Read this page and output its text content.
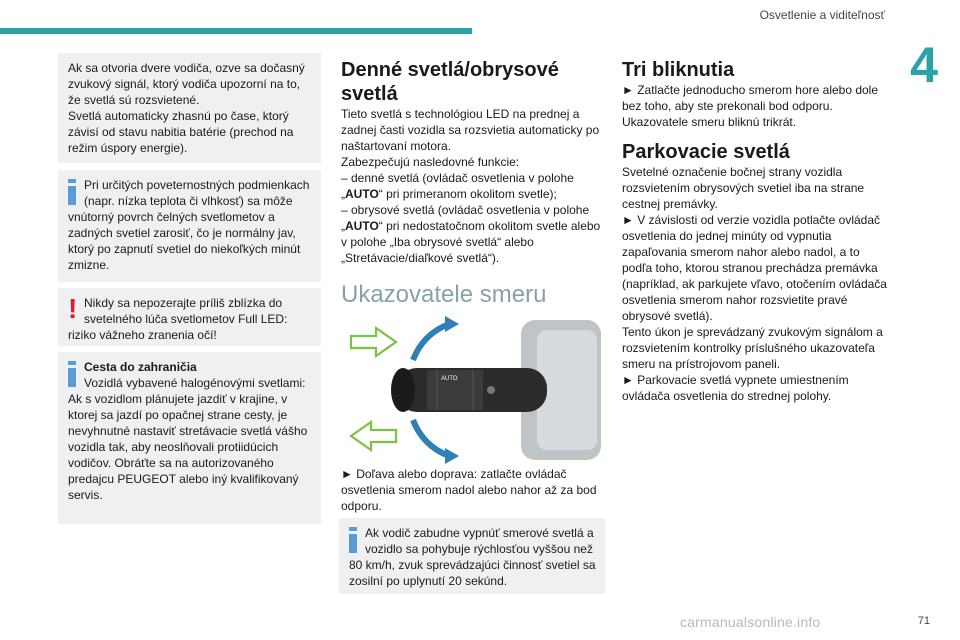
Osvetlenie a viditeľnosť
4

Ak sa otvoria dvere vodiča, ozve sa dočasný zvukový signál, ktorý vodiča upozorní na to, že svetlá sú rozsvietené.

Svetlá automaticky zhasnú po čase, ktorý závisí od stavu nabitia batérie (prechod na režim úspory energie).

Pri určitých poveternostných podmienkach (napr. nízka teplota či vlhkosť) sa môže vnútorný povrch čelných svetlometov a zadných svetiel zarosiť, čo je normálny jav, ktorý po zapnutí svetiel do niekoľkých minút zmizne.

! Nikdy sa nepozerajte príliš zblízka do svetelného lúča svetlometov Full LED: riziko vážneho zranenia očí!

Cesta do zahraničia

Vozidlá vybavené halogénovými svetlami:

Ak s vozidlom plánujete jazdiť v krajine, v ktorej sa jazdí po opačnej strane cesty, je nevyhnutné nastaviť stretávacie svetlá vášho vozidla tak, aby neoslňovali protiidúcich vodičov. Obráťte sa na autorizovaného predajcu PEUGEOT alebo iný kvalifikovaný servis.

Denné svetlá/obrysové svetlá
Tieto svetlá s technológiou LED na prednej a zadnej časti vozidla sa rozsvietia automaticky po naštartovaní motora.
Zabezpečujú nasledovné funkcie:
– denné svetlá (ovládač osvetlenia v polohe „AUTO“ pri primeranom okolitom svetle);
– obrysové svetlá (ovládač osvetlenia v polohe „AUTO“ pri nedostatočnom okolitom svetle alebo v polohe „Iba obrysové svetlá“ alebo „Stretávacie/diaľkové svetlá“).
Ukazovatele smeru
AUTO
► Doľava alebo doprava: zatlačte ovládač osvetlenia smerom nadol alebo nahor až za bod odporu.

Ak vodič zabudne vypnúť smerové svetlá a vozidlo sa pohybuje rýchlosťou vyššou než 80 km/h, zvuk sprevádzajúci činnosť svetiel sa zosilní po uplynutí 20 sekúnd.

Tri bliknutia
► Zatlačte jednoducho smerom hore alebo dole bez toho, aby ste prekonali bod odporu. Ukazovatele smeru bliknú trikrát.
Parkovacie svetlá
Svetelné označenie bočnej strany vozidla rozsvietením obrysových svetiel iba na strane cestnej premávky.
► V závislosti od verzie vozidla potlačte ovládač osvetlenia do jednej minúty od vypnutia zapaľovania smerom nahor alebo nadol, a to podľa toho, ktorou stranou prechádza premávka (napríklad, ak parkujete vľavo, otočením ovládača osvetlenia smerom nahor rozsvietite pravé obrysové svetlá).
Tento úkon je sprevádzaný zvukovým signálom a rozsvietením kontrolky príslušného ukazovateľa smeru na prístrojovom paneli.
► Parkovacie svetlá vypnete umiestnením ovládača osvetlenia do strednej polohy.
carmanualsonline.info	71
